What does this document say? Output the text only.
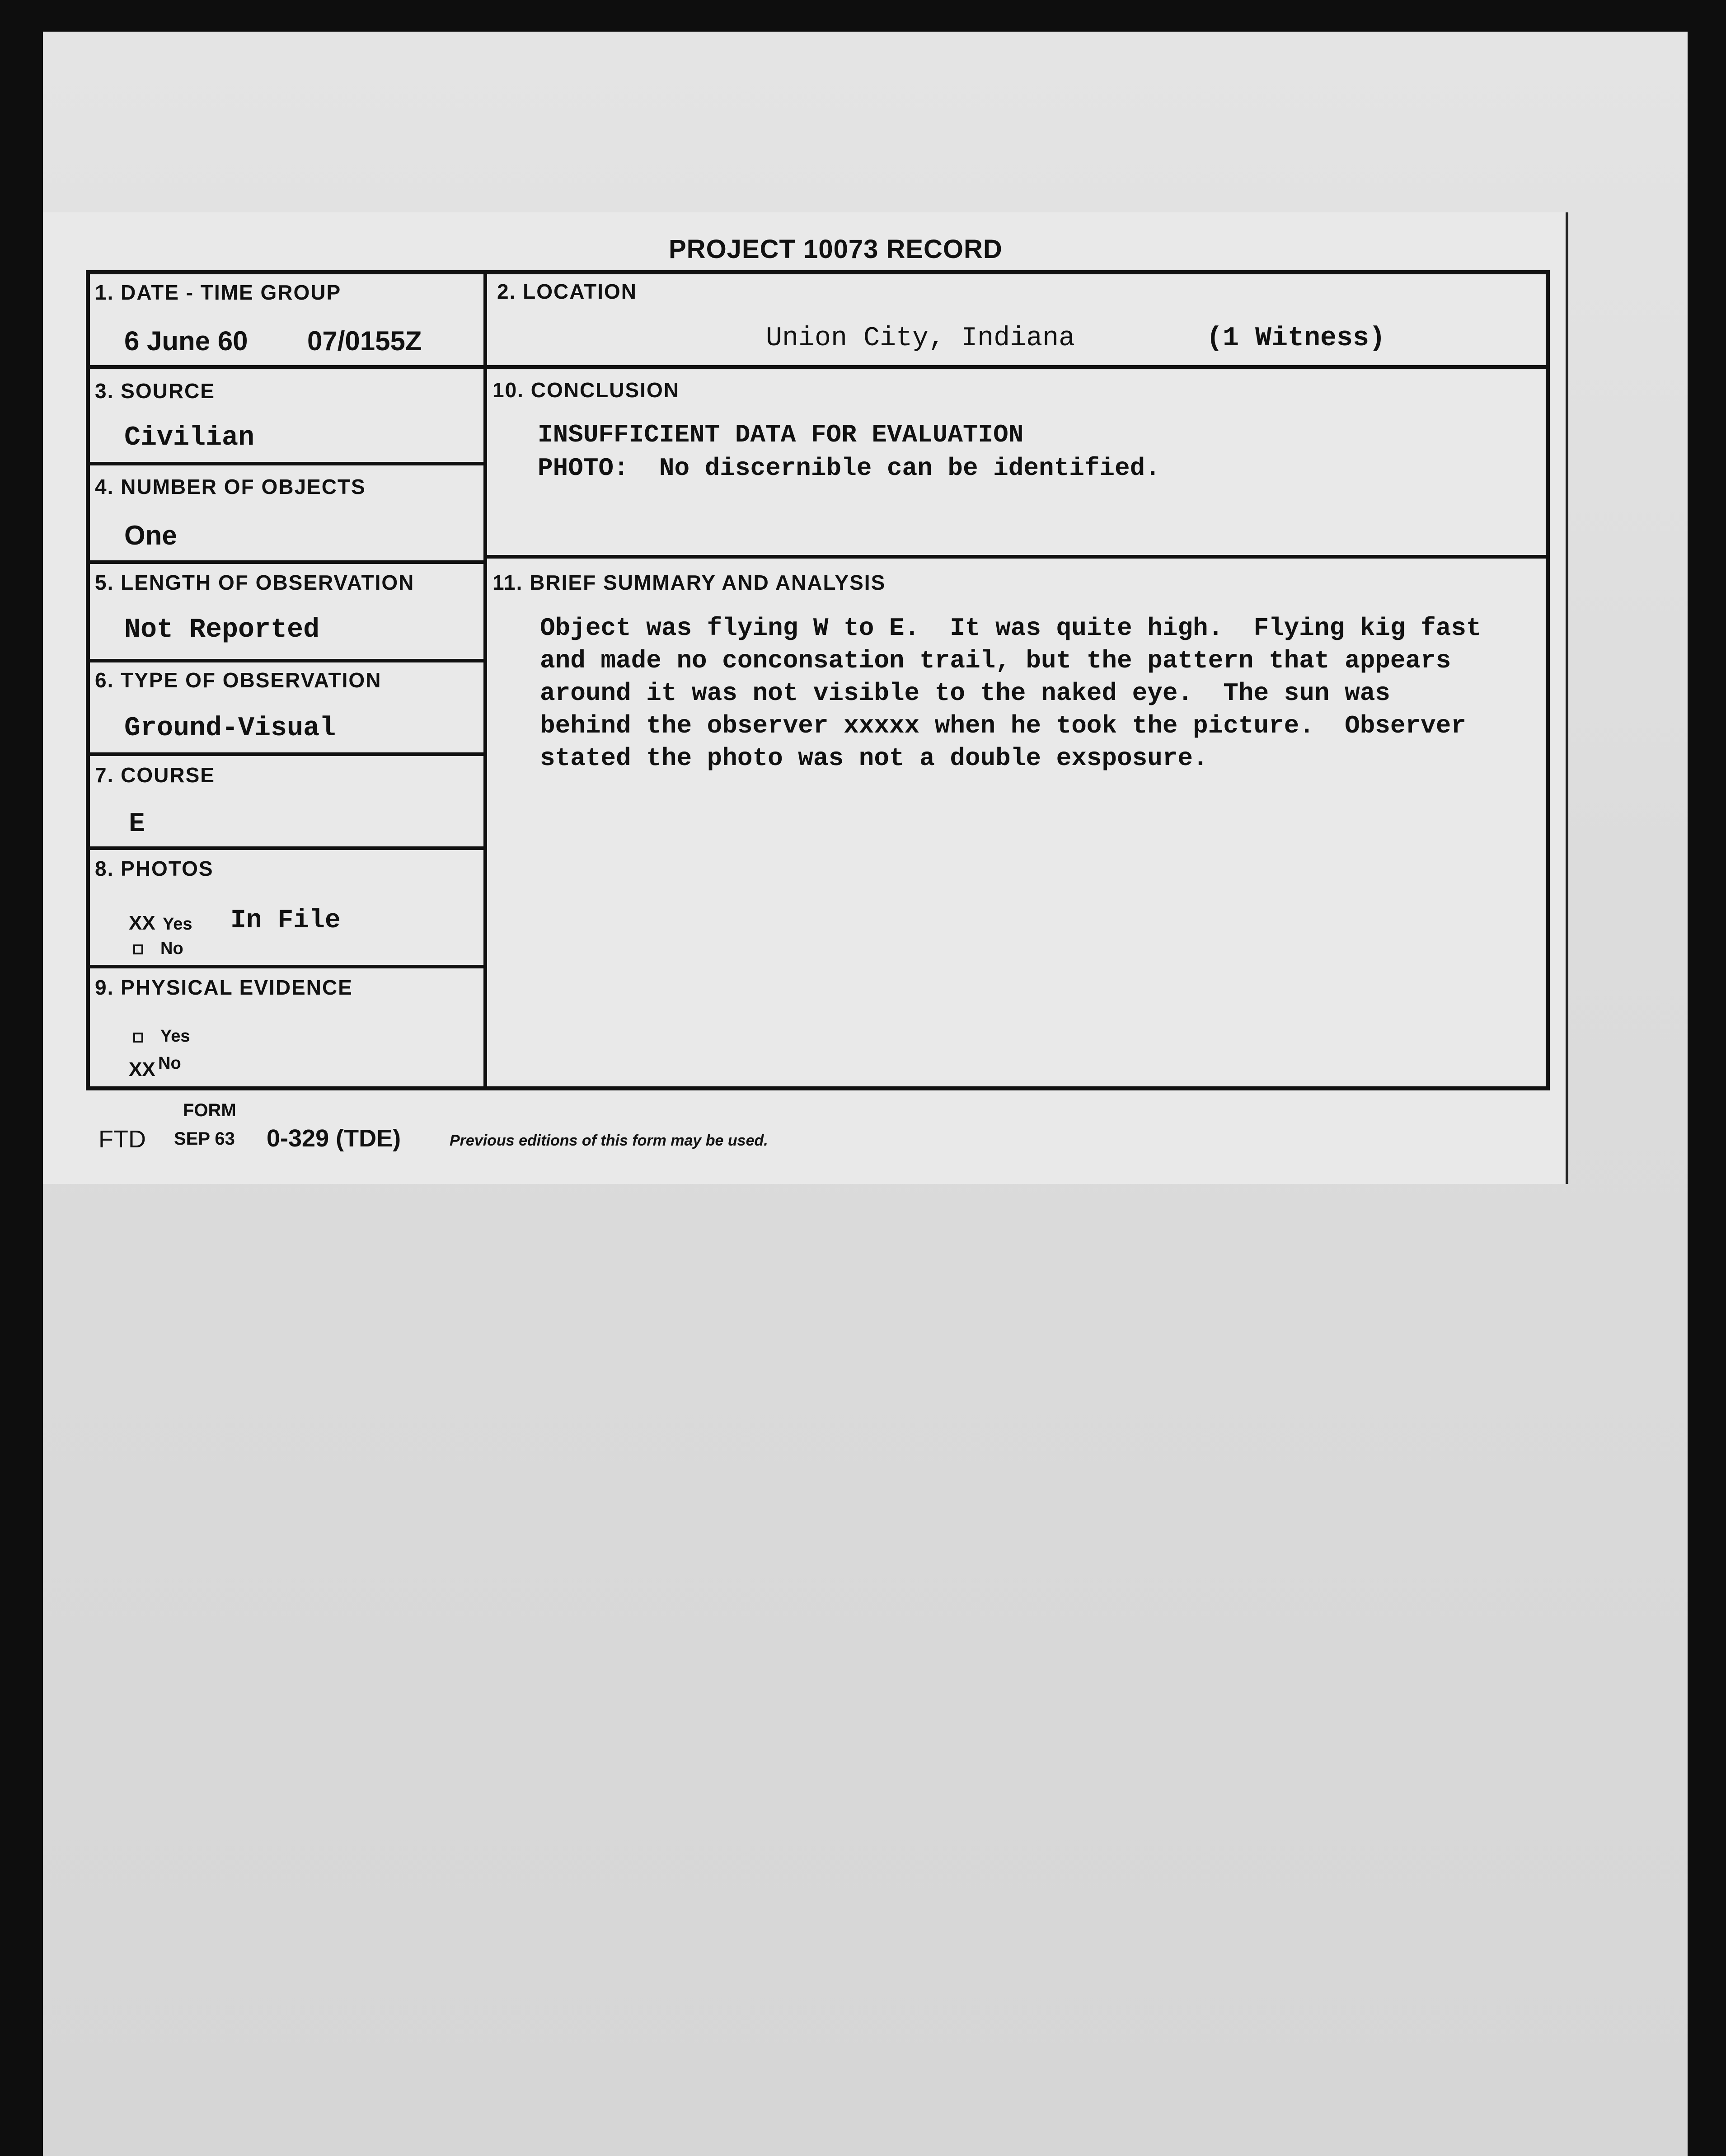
PROJECT 10073 RECORD
1. DATE - TIME GROUP
6 June 60 07/0155Z
2. LOCATION
Union City, Indiana	(1 Witness)
3. SOURCE
Civilian
4. NUMBER OF OBJECTS
One
5. LENGTH OF OBSERVATION
Not Reported
6. TYPE OF OBSERVATION
Ground-Visual
7. COURSE
E
8. PHOTOS
XX Yes In File
No
9. PHYSICAL EVIDENCE
Yes
XX No
10. CONCLUSION
INSUFFICIENT DATA FOR EVALUATION
PHOTO:  No discernible can be identified.
11. BRIEF SUMMARY AND ANALYSIS
Object was flying W to E.  It was quite high.  Flying kig fast
and made no conconsation trail, but the pattern that appears
around it was not visible to the naked eye.  The sun was
behind the observer xxxxx when he took the picture.  Observer
stated the photo was not a double exsposure.
FORM
FTD SEP 63 0-329 (TDE)	Previous editions of this form may be used.
